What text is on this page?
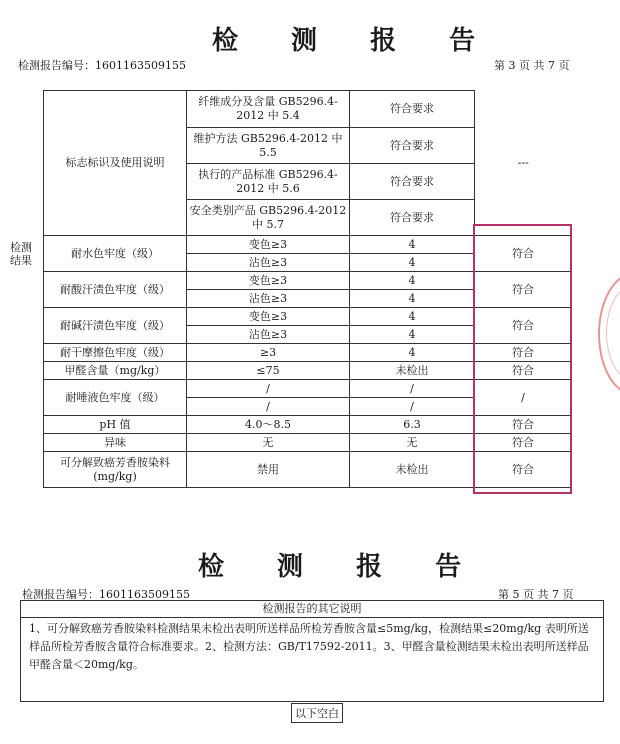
检 测 报 告
检测报告编号：1601163509155	第 3 页 共 7 页
检测
结果
标志标识及使用说明	纤维成分及含量 GB5296.4-2012 中 5.4	符合要求	---
	维护方法 GB5296.4-2012 中 5.5	符合要求	
	执行的产品标准 GB5296.4-2012 中 5.6	符合要求	
	安全类别产品 GB5296.4-2012 中 5.7	符合要求	
耐水色牢度（级）	变色≥3	4	符合
	沾色≥3	4	
耐酸汗渍色牢度（级）	变色≥3	4	符合
	沾色≥3	4	
耐碱汗渍色牢度（级）	变色≥3	4	符合
	沾色≥3	4	
耐干摩擦色牢度（级）	≥3	4	符合
甲醛含量（mg/kg）	≤75	未检出	符合
耐唾液色牢度（级）	/	/	/
	/	/	
pH 值	4.0～8.5	6.3	符合
异味	无	无	符合
可分解致癌芳香胺染料 (mg/kg)	禁用	未检出	符合
检 测 报 告
检测报告编号：1601163509155	第 5 页 共 7 页
检测报告的其它说明
1、可分解致癌芳香胺染料检测结果未检出表明所送样品所检芳香胺含量≤5mg/kg，检测结果≤20mg/kg 表明所送样品所检芳香胺含量符合标准要求。2、检测方法：GB/T17592-2011。3、甲醛含量检测结果未检出表明所送样品甲醛含量＜20mg/kg。
以下空白
